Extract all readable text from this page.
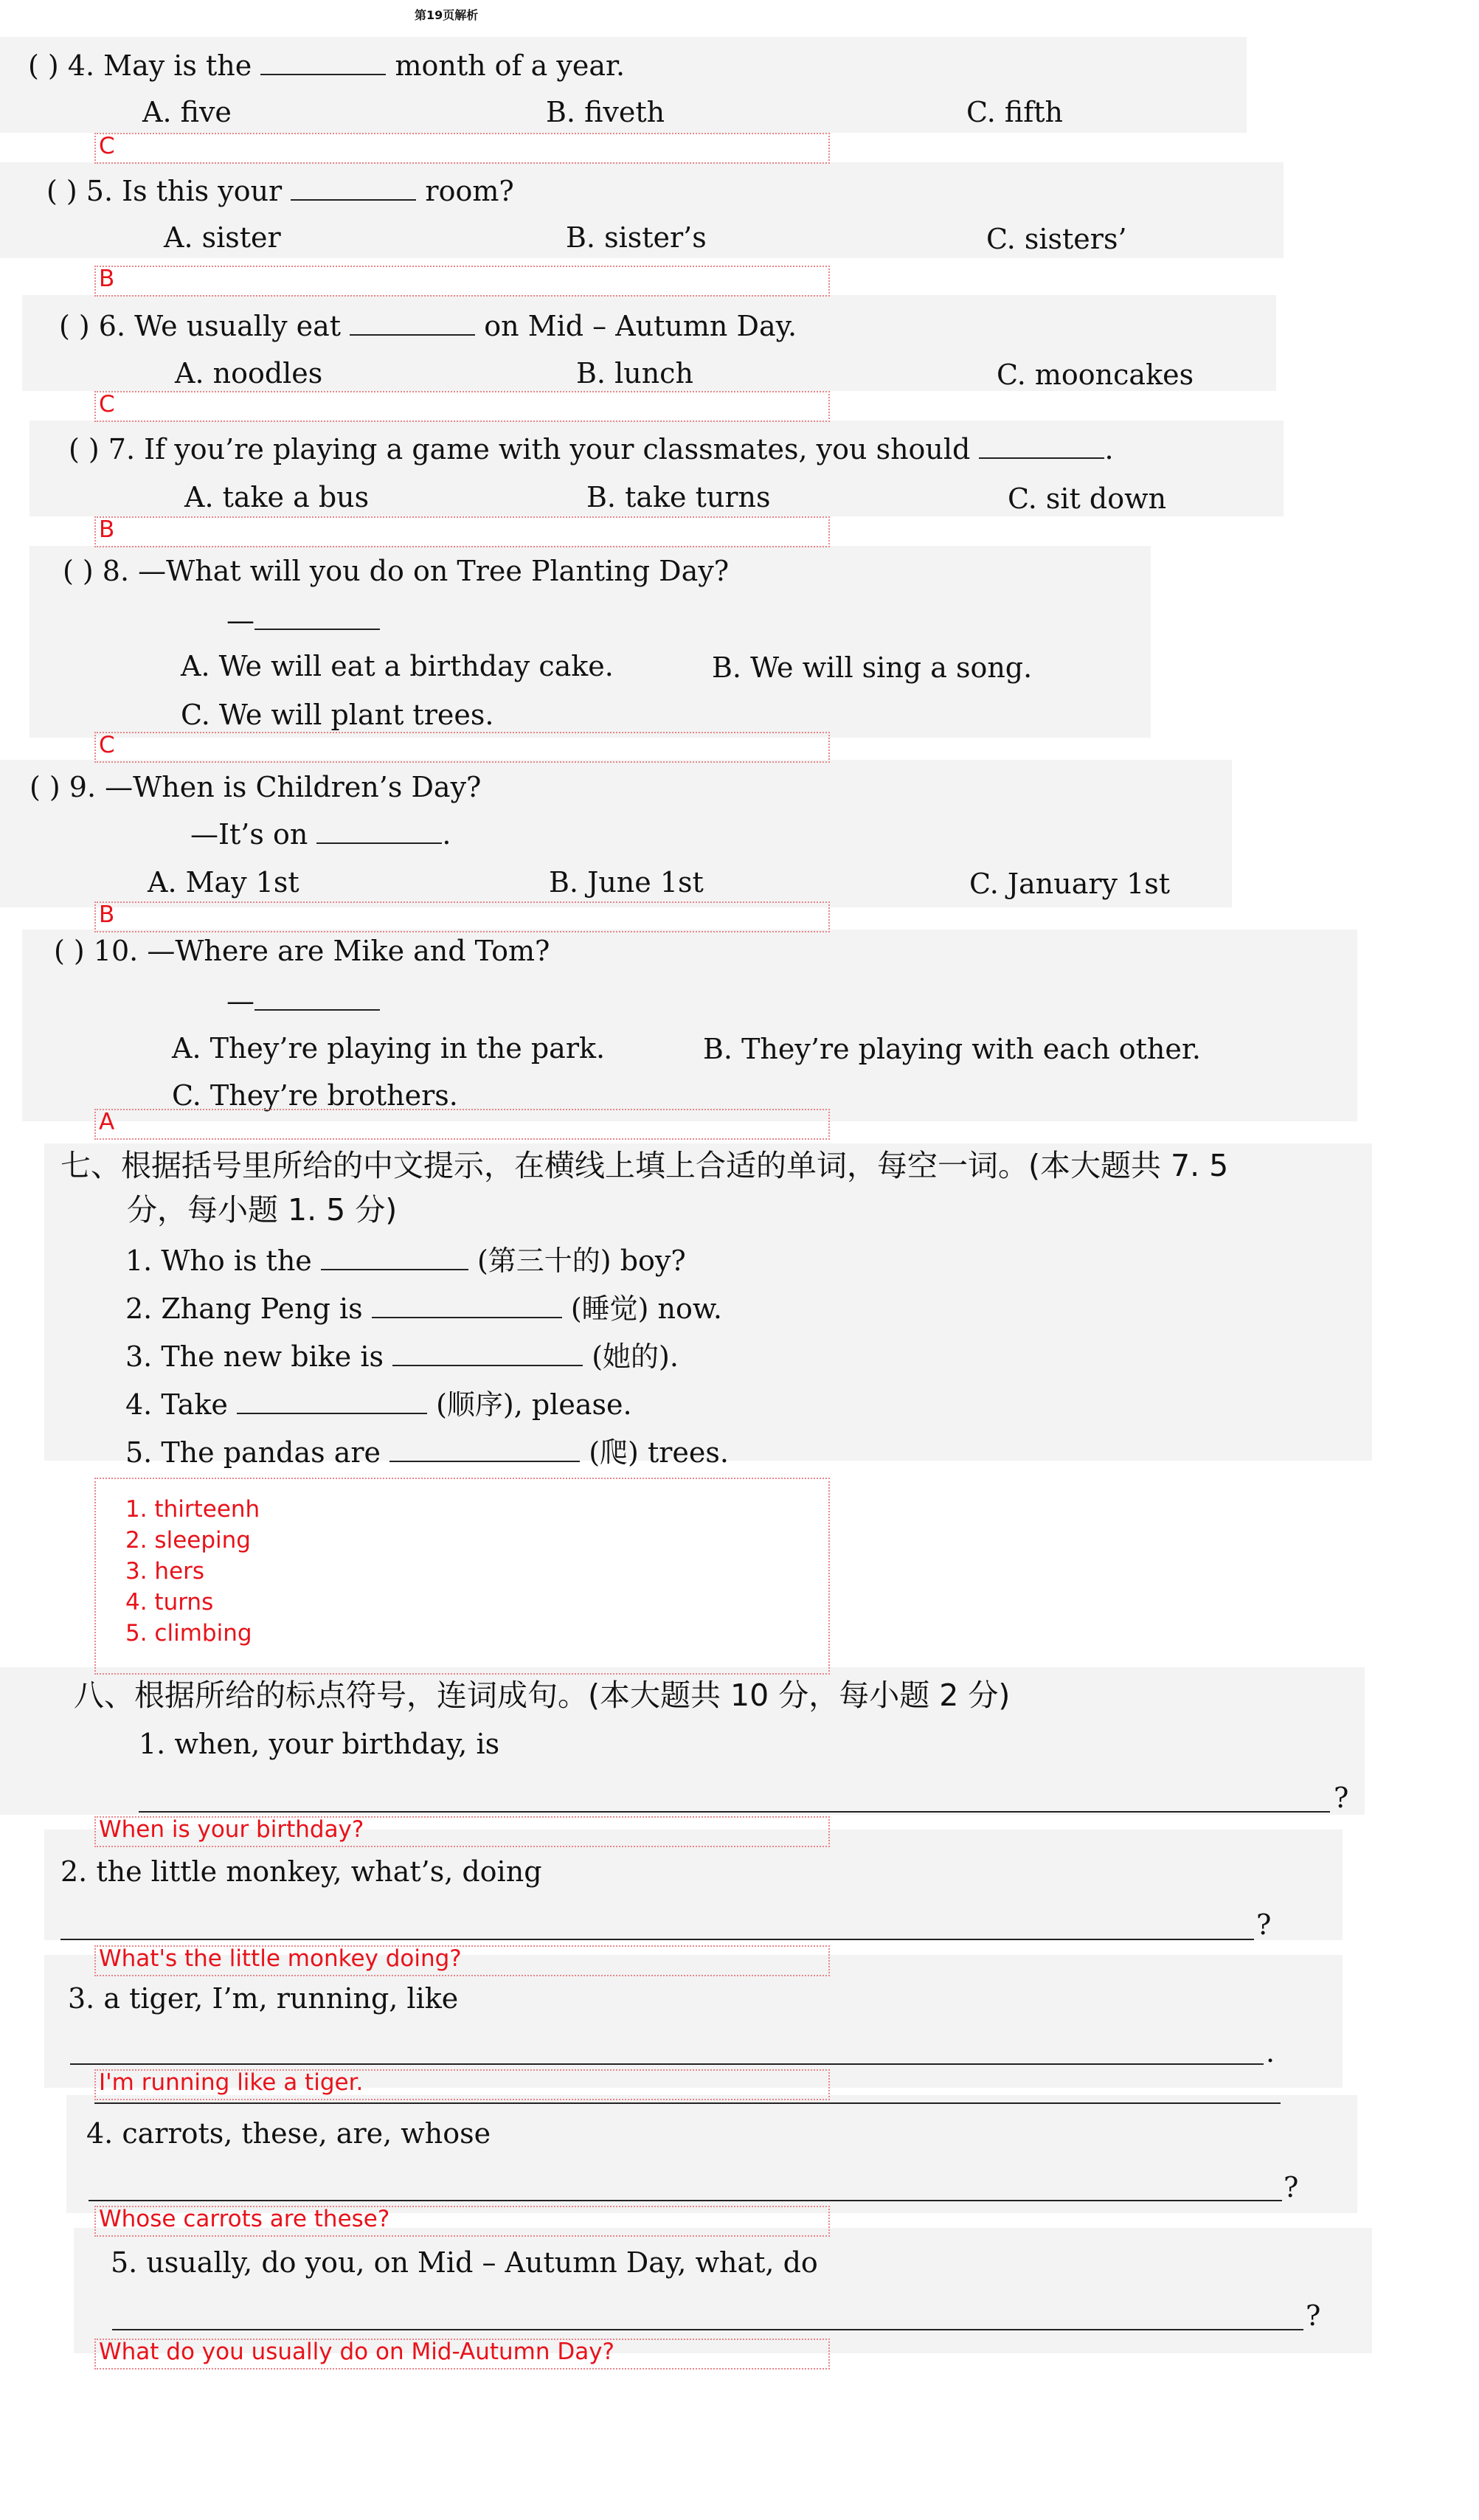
第19页解析
( ) 4. May is the	month of a year.
A. five	B. fiveth	C. fifth
C
( ) 5. Is this your	room?
A. sister	B. sister’s	C. sisters’
B
( ) 6. We usually eat	on Mid – Autumn Day.
A. noodles	B. lunch	C. mooncakes
C
( ) 7. If you’re playing a game with your classmates, you should	.
A. take a bus	B. take turns	C. sit down
B
( ) 8. —What will you do on Tree Planting Day?
—
A. We will eat a birthday cake.	B. We will sing a song.
C. We will plant trees.
C
( ) 9. —When is Children’s Day?
—It’s on	.
A. May 1st	B. June 1st	C. January 1st
B
( ) 10. —Where are Mike and Tom?
—
A. They’re playing in the park.	B. They’re playing with each other.
C. They’re brothers.
A
七、根据括号里所给的中文提示，在横线上填上合适的单词，每空一词。(本大题共 7. 5
分，每小题 1. 5 分)
1. Who is the	(第三十的) boy?
2. Zhang Peng is	(睡觉) now.
3. The new bike is	(她的).
4. Take	(顺序), please.
5. The pandas are	(爬) trees.
1. thirteenh
2. sleeping
3. hers
4. turns
5. climbing
八、根据所给的标点符号，连词成句。(本大题共 10 分，每小题 2 分)
1. when, your birthday, is
?
When is your birthday?
2. the little monkey, what’s, doing
?
What's the little monkey doing?
3. a tiger, I’m, running, like
.
I'm running like a tiger.
4. carrots, these, are, whose
?
Whose carrots are these?
5. usually, do you, on Mid – Autumn Day, what, do
?
What do you usually do on Mid-Autumn Day?
